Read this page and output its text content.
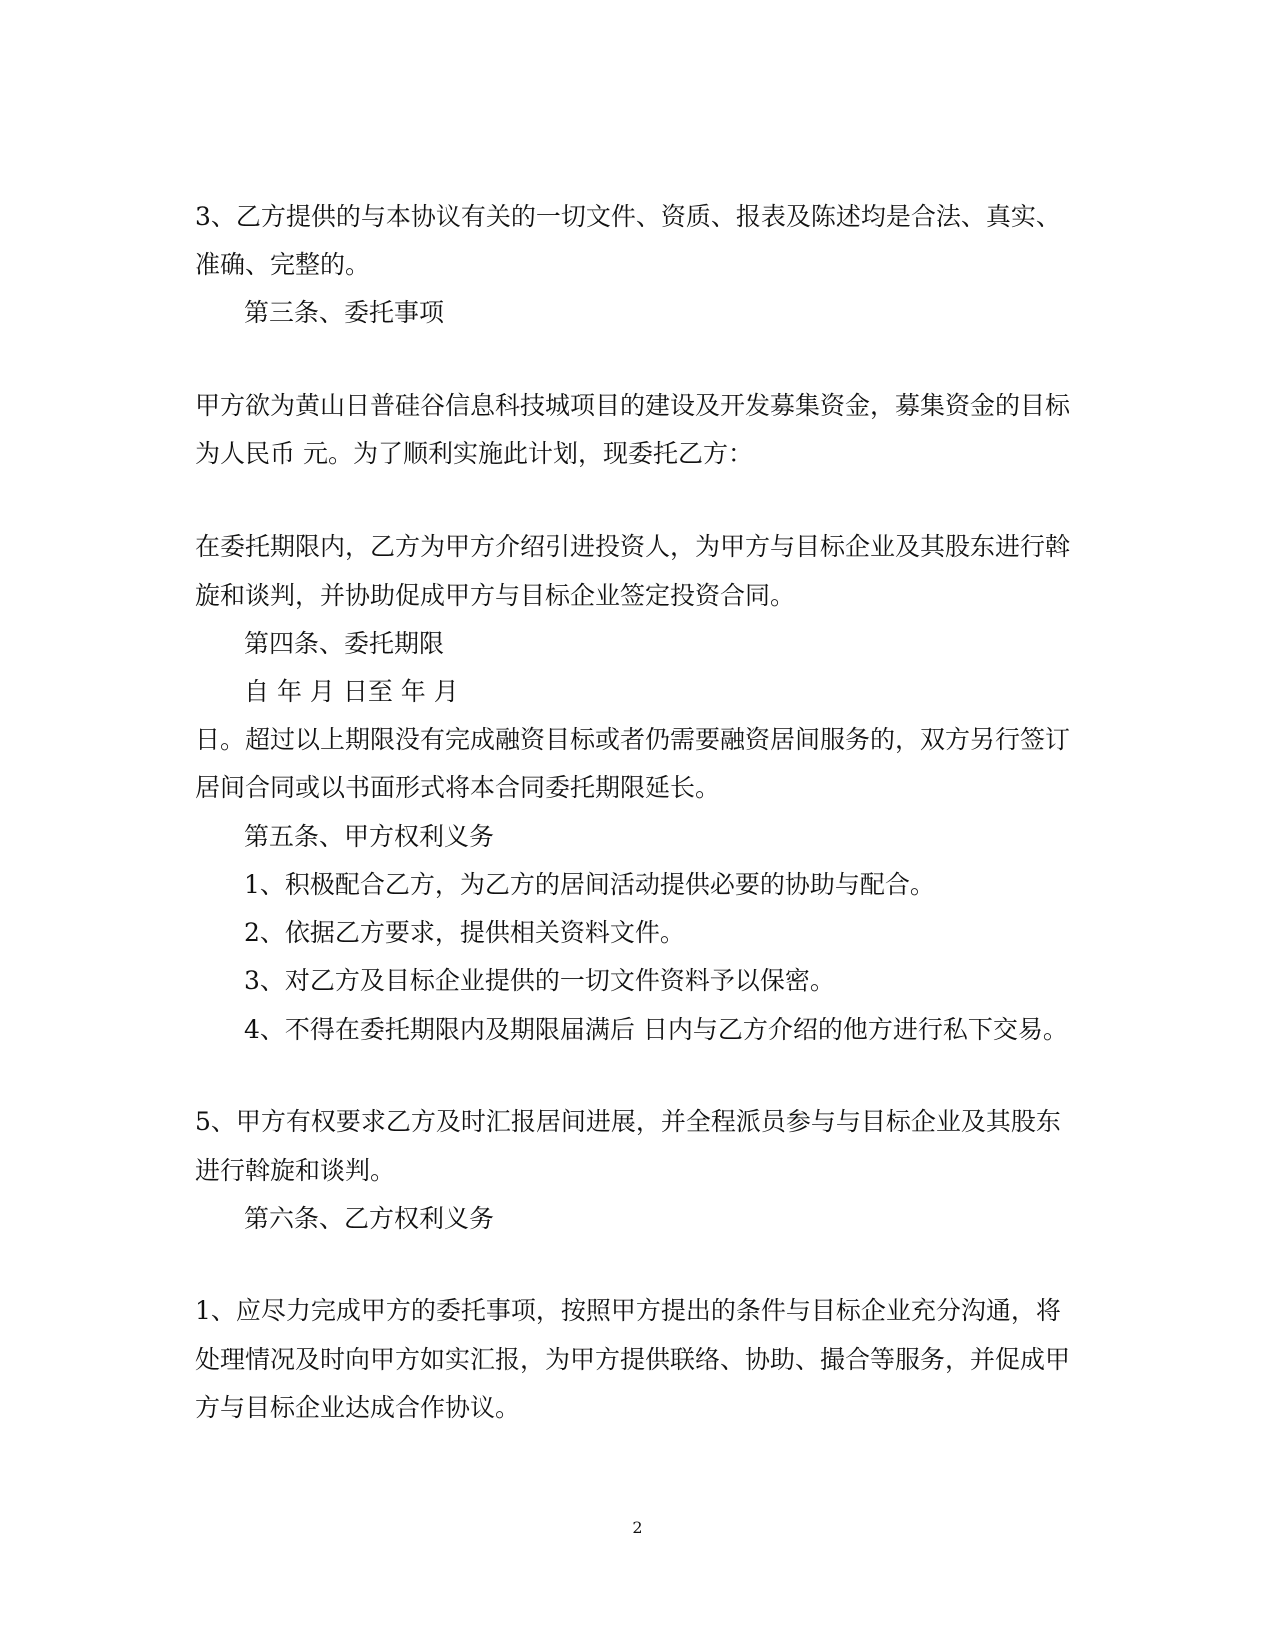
3、乙方提供的与本协议有关的一切文件、资质、报表及陈述均是合法、真实、
准确、完整的。
第三条、委托事项
甲方欲为黄山日普硅谷信息科技城项目的建设及开发募集资金，募集资金的目标
为人民币 元。为了顺利实施此计划，现委托乙方：
在委托期限内，乙方为甲方介绍引进投资人，为甲方与目标企业及其股东进行斡
旋和谈判，并协助促成甲方与目标企业签定投资合同。
第四条、委托期限
自 年 月 日至 年 月
日。超过以上期限没有完成融资目标或者仍需要融资居间服务的，双方另行签订
居间合同或以书面形式将本合同委托期限延长。
第五条、甲方权利义务
1、积极配合乙方，为乙方的居间活动提供必要的协助与配合。
2、依据乙方要求，提供相关资料文件。
3、对乙方及目标企业提供的一切文件资料予以保密。
4、不得在委托期限内及期限届满后 日内与乙方介绍的他方进行私下交易。
5、甲方有权要求乙方及时汇报居间进展，并全程派员参与与目标企业及其股东
进行斡旋和谈判。
第六条、乙方权利义务
1、应尽力完成甲方的委托事项，按照甲方提出的条件与目标企业充分沟通，将
处理情况及时向甲方如实汇报，为甲方提供联络、协助、撮合等服务，并促成甲
方与目标企业达成合作协议。
2
